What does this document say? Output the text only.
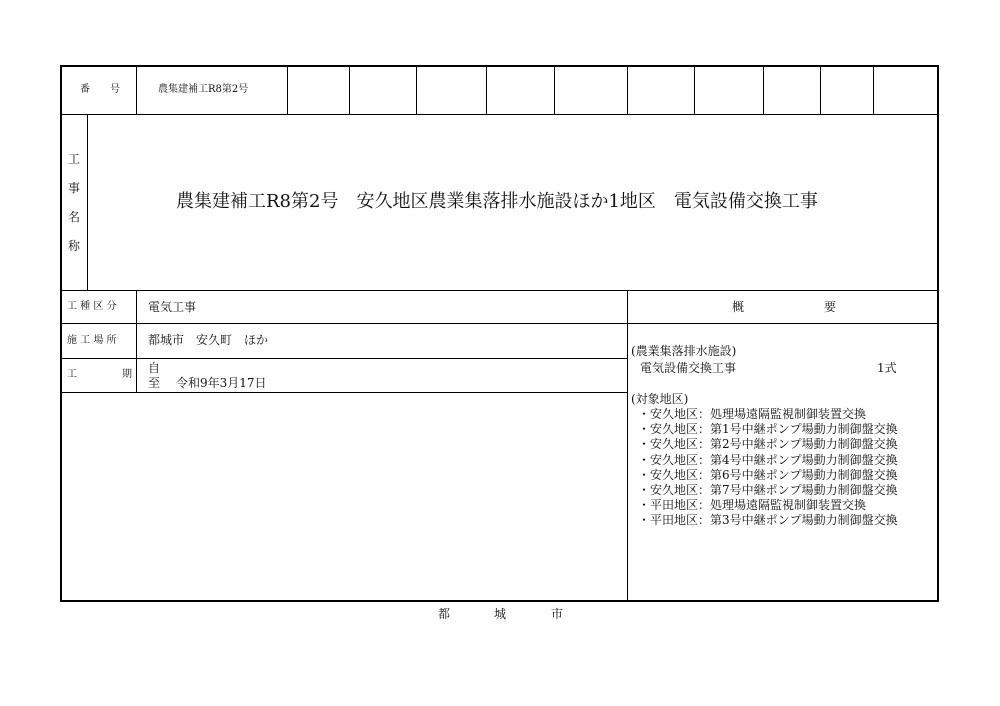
番　　号	農集建補工R8第2号
工
事
名
称
農集建補工R8第2号　安久地区農業集落排水施設ほか1地区　電気設備交換工事
工 種 区 分	電気工事	概	要
施 工 場 所	都城市　安久町　ほか
工	期 自
至 令和9年3月17日
(農業集落排水施設)
電気設備交換工事	1式
(対象地区)
・安久地区：処理場遠隔監視制御装置交換
・安久地区：第1号中継ポンプ場動力制御盤交換
・安久地区：第2号中継ポンプ場動力制御盤交換
・安久地区：第4号中継ポンプ場動力制御盤交換
・安久地区：第6号中継ポンプ場動力制御盤交換
・安久地区：第7号中継ポンプ場動力制御盤交換
・平田地区：処理場遠隔監視制御装置交換
・平田地区：第3号中継ポンプ場動力制御盤交換
都	城	市
